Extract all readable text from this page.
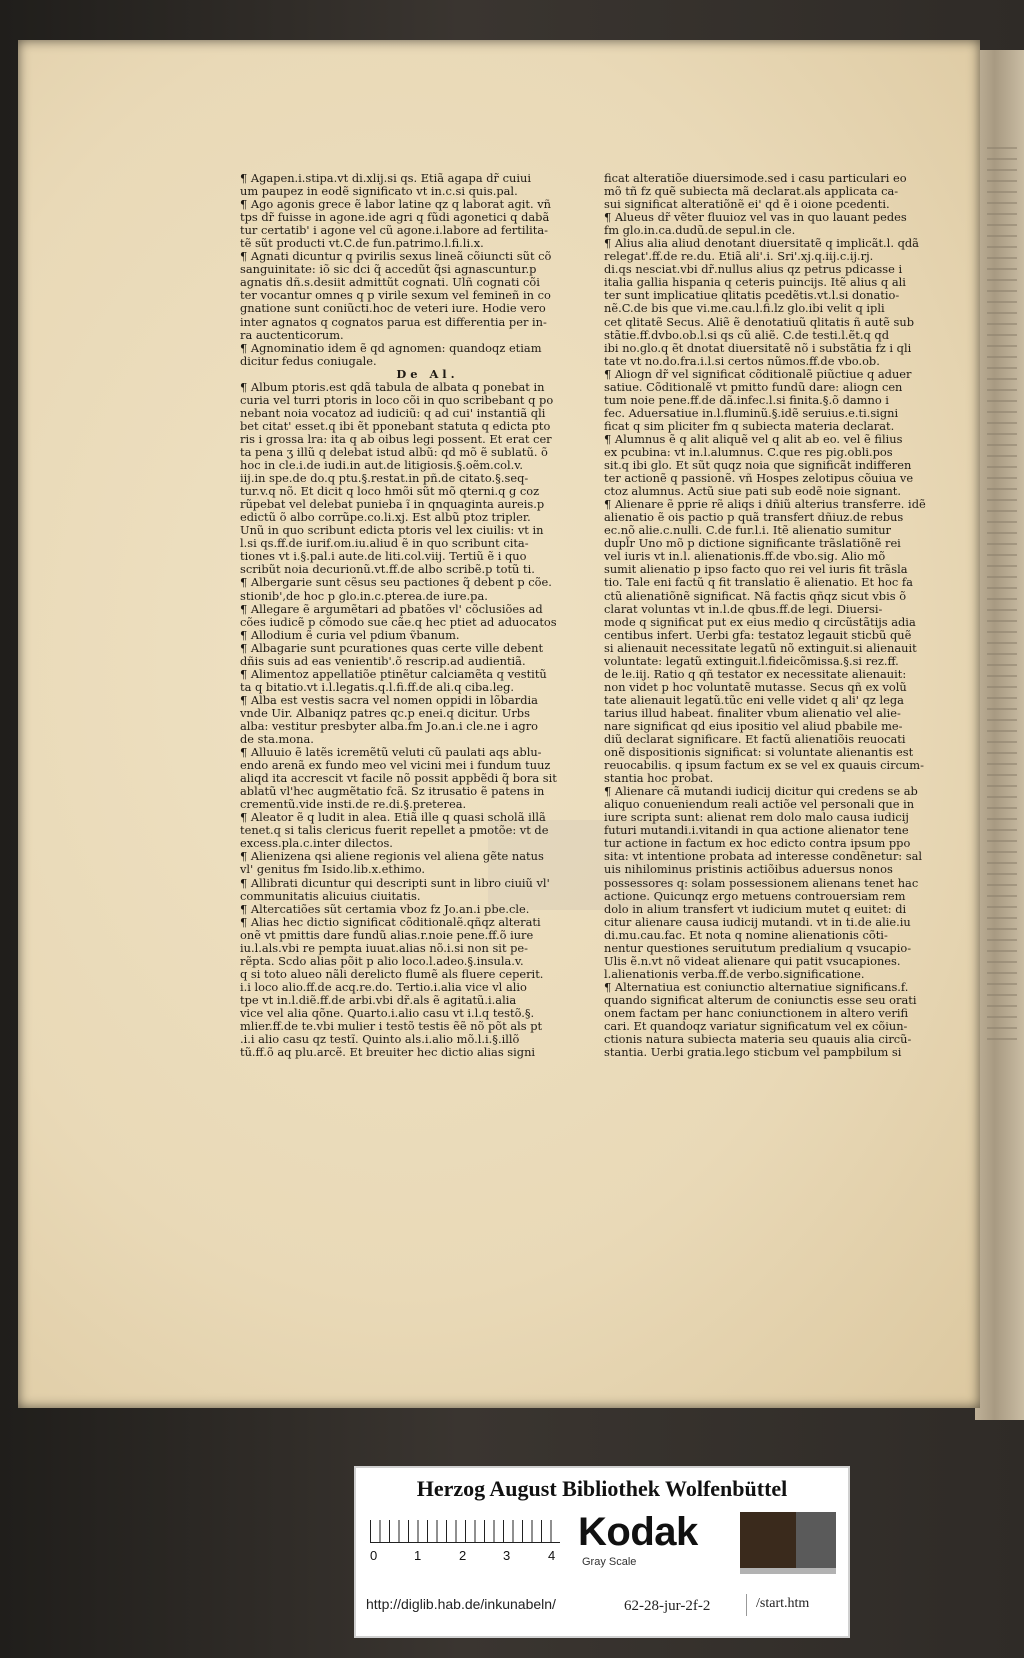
¶ Agapen.i.stipa.vt di.xlij.si qs. Etiã agapa dr̃ cuiui

um paupez in eodẽ significato vt in.c.si quis.pal.

¶ Ago agonis grece ẽ labor latine qz q laborat agit. vñ

tps dr̃ fuisse in agone.ide agri q fũdi agonetici q dabã

tur certatib' i agone vel cũ agone.i.labore ad fertilita-

tẽ sũt producti vt.C.de fun.patrimo.l.fi.li.x.

¶ Agnati dicuntur q pvirilis sexus lineã cõiuncti sũt cõ

sanguinitate: iõ sic dci q̃ accedũt q̃si agnascuntur.p

agnatis dñ.s.desiit admittũt cognati. Ulñ cognati cõi

ter vocantur omnes q p virile sexum vel femineñ in co

gnatione sunt coniũcti.hoc de veteri iure. Hodie vero

inter agnatos q cognatos parua est differentia per in-

ra auctenticorum.

¶ Agnominatio idem ẽ qd agnomen: quandoqz etiam

dicitur fedus coniugale.

De Al.

¶ Album ptoris.est qdã tabula de albata q ponebat in

curia vel turri ptoris in loco cõi in quo scribebant q po

nebant noia vocatoz ad iudiciũ: q ad cui' instantiã qli

bet citat' esset.q ibi ẽt pponebant statuta q edicta pto

ris i grossa lra: ita q ab oibus legi possent. Et erat cer

ta pena ʒ illũ q delebat istud albũ: qd mõ ẽ sublatũ. õ

hoc in cle.i.de iudi.in aut.de litigiosis.§.oẽm.col.v.

iij.in spe.de do.q ptu.§.restat.in pñ.de citato.§.seq-

tur.v.q nõ. Et dicit q loco hmõi sũt mõ qterni.q g coz

rũpebat vel delebat punieba ĩ in qnquaginta aureis.p

edictũ õ albo corrũpe.co.li.xj. Est albũ ptoz tripler.

Unũ in quo scribunt edicta ptoris vel lex ciuilis: vt in

l.si qs.ff.de iurif.om.iu.aliud ẽ in quo scribunt cita-

tiones vt i.§.pal.i aute.de liti.col.viij. Tertiũ ẽ i quo

scribũt noia decurionũ.vt.ff.de albo scribẽ.p totũ ti.

¶ Albergarie sunt cẽsus seu pactiones q̃ debent p cõe.

stionib',de hoc p glo.in.c.pterea.de iure.pa.

¶ Allegare ẽ argumẽtari ad pbatões vl' cõclusiões ad

cões iudicẽ p cõmodo sue cãe.q hec ptiet ad aduocatos

¶ Allodium ẽ curia vel pdium ṽbanum.

¶ Albagarie sunt pcurationes quas certe ville debent

dñis suis ad eas venientib'.õ rescrip.ad audientiã.

¶ Alimentoz appellatiõe ptinẽtur calciamẽta q vestitũ

ta q bitatio.vt i.l.legatis.q.l.fi.ff.de ali.q ciba.leg.

¶ Alba est vestis sacra vel nomen oppidi in lõbardia

vnde Uir. Albaniqz patres qc.p enei.q dicitur. Urbs

alba: vestitur presbyter alba.fm Jo.an.i cle.ne i agro

de sta.mona.

¶ Alluuio ẽ latẽs icremẽtũ veluti cũ paulati aqs ablu-

endo arenã ex fundo meo vel vicini mei i fundum tuuz

aliqd ita accrescit vt facile nõ possit appbẽdi q̃ bora sit

ablatũ vl'hec augmẽtatio fcã. Sz itrusatio ẽ patens in

crementũ.vide insti.de re.di.§.preterea.

¶ Aleator ẽ q ludit in alea. Etiã ille q quasi scholã illã

tenet.q si talis clericus fuerit repellet a pmotõe: vt de

excess.pla.c.inter dilectos.

¶ Alienizena qsi aliene regionis vel aliena gẽte natus

vl' genitus fm Isido.lib.x.ethimo.

¶ Allibrati dicuntur qui descripti sunt in libro ciuiũ vl'

communitatis alicuius ciuitatis.

¶ Altercatiões sũt certamia vboz fz Jo.an.i pbe.cle.

¶ Alias hec dictio significat cõditionalẽ.qñqz alterati

onẽ vt pmittis dare fundũ alias.r.noie pene.ff.õ iure

iu.l.als.vbi re pempta iuuat.alias nõ.i.si non sit pe-

rẽpta. Scdo alias põit p alio loco.l.adeo.§.insula.v.

q si toto alueo nãli derelicto flumẽ als fluere ceperit.

i.i loco alio.ff.de acq.re.do. Tertio.i.alia vice vl alio

tpe vt in.l.diẽ.ff.de arbi.vbi dr̃.als ẽ agitatũ.i.alia

vice vel alia qõne. Quarto.i.alio casu vt i.l.q testõ.§.

mlier.ff.de te.vbi mulier i testõ testis ẽẽ nõ põt als pt

.i.i alio casu qz testĩ. Quinto als.i.alio mõ.l.i.§.illõ

tũ.ff.õ aq plu.arcẽ. Et breuiter hec dictio alias signi

ficat alteratiõe diuersimode.sed i casu particulari eo

mõ tñ fz quẽ subiecta mã declarat.als applicata ca-

sui significat alteratiõnẽ ei' qd ẽ i oione pcedenti.

¶ Alueus dr̃ vẽter fluuioz vel vas in quo lauant pedes

fm glo.in.ca.dudũ.de sepul.in cle.

¶ Alius alia aliud denotant diuersitatẽ q implicãt.l. qdã

relegat'.ff.de re.du. Etiã ali'.i. Sri'.xj.q.iij.c.ij.rj.

di.qs nesciat.vbi dr̃.nullus alius qz petrus pdicasse i

italia gallia hispania q ceteris puincijs. Itẽ alius q ali

ter sunt implicatiue qlitatis pcedẽtis.vt.l.si donatio-

nẽ.C.de bis que vi.me.cau.l.fi.lz glo.ibi velit q ipli

cet qlitatẽ Secus. Aliẽ ẽ denotatiuũ qlitatis ñ autẽ sub

stãtie.ff.dvbo.ob.l.si qs cũ aliẽ. C.de testi.l.ẽt.q qd

ibi no.glo.q ẽt dnotat diuersitatẽ nõ i substãtia fz i qli

tate vt no.do.fra.i.l.si certos nũmos.ff.de vbo.ob.

¶ Aliogn dr̃ vel significat cõditionalẽ piũctiue q aduer

satiue. Cõditionalẽ vt pmitto fundũ dare: aliogn cen

tum noie pene.ff.de dã.infec.l.si finita.§.õ damno i

fec. Aduersatiue in.l.fluminũ.§.idẽ seruius.e.ti.signi

ficat q sim pliciter fm q subiecta materia declarat.

¶ Alumnus ẽ q alit aliquẽ vel q alit ab eo. vel ẽ filius

ex pcubina: vt in.l.alumnus. C.que res pig.obli.pos

sit.q ibi glo. Et sũt quqz noia que significãt indifferen

ter actionẽ q passionẽ. vñ Hospes zelotipus cõuiua ve

ctoz alumnus. Actũ siue pati sub eodẽ noie signant.

¶ Alienare ẽ pprie rẽ aliqs i dñiũ alterius transferre. idẽ

alienatio ẽ ois pactio p quã transfert dñiuz.de rebus

ec.nõ alie.c.nulli. C.de fur.l.i. Itẽ alienatio sumitur

dupl̃r Uno mõ p dictione significante trãslatiõnẽ rei

vel iuris vt in.l. alienationis.ff.de vbo.sig. Alio mõ

sumit alienatio p ipso facto quo rei vel iuris fit trãsla

tio. Tale eni factũ q fit translatio ẽ alienatio. Et hoc fa

ctũ alienatiõnẽ significat. Nã factis qñqz sicut vbis õ

clarat voluntas vt in.l.de qbus.ff.de legi. Diuersi-

mode q significat put ex eius medio q circũstãtijs adia

centibus infert. Uerbi gfa: testatoz legauit sticbũ quẽ

si alienauit necessitate legatũ nõ extinguit.si alienauit

voluntate: legatũ extinguit.l.fideicõmissa.§.si rez.ff.

de le.iij. Ratio q qñ testator ex necessitate alienauit:

non videt p hoc voluntatẽ mutasse. Secus qñ ex volũ

tate alienauit legatũ.tũc eni velle videt q ali' qz lega

tarius illud habeat. finaliter vbum alienatio vel alie-

nare significat qd eius ipositio vel aliud pbabile me-

diũ declarat significare. Et factũ alienatiõis reuocati

onẽ dispositionis significat: si voluntate alienantis est

reuocabilis. q ipsum factum ex se vel ex quauis circum-

stantia hoc probat.

¶ Alienare cã mutandi iudicij dicitur qui credens se ab

aliquo conueniendum reali actiõe vel personali que in

iure scripta sunt: alienat rem dolo malo causa iudicij

futuri mutandi.i.vitandi in qua actione alienator tene

tur actione in factum ex hoc edicto contra ipsum ppo

sita: vt intentione probata ad interesse condẽnetur: sal

uis nihilominus pristinis actiõibus aduersus nonos

possessores q: solam possessionem alienans tenet hac

actione. Quicunqz ergo metuens controuersiam rem

dolo in alium transfert vt iudicium mutet q euitet: di

citur alienare causa iudicij mutandi. vt in ti.de alie.iu

di.mu.cau.fac. Et nota q nomine alienationis cõti-

nentur questiones seruitutum predialium q vsucapio-

Ulis ẽ.n.vt nõ videat alienare qui patit vsucapiones.

l.alienationis verba.ff.de verbo.significatione.

¶ Alternatiua est coniunctio alternatiue significans.f.

quando significat alterum de coniunctis esse seu orati

onem factam per hanc coniunctionem in altero verifi

cari. Et quandoqz variatur significatum vel ex cõiun-

ctionis natura subiecta materia seu quauis alia circũ-

stantia. Uerbi gratia.lego sticbum vel pampbilum si

Herzog August Bibliothek Wolfenbüttel
0	1	2	3	4
Kodak
Gray Scale
http://diglib.hab.de/inkunabeln/	62-28-jur-2f-2	/start.htm
